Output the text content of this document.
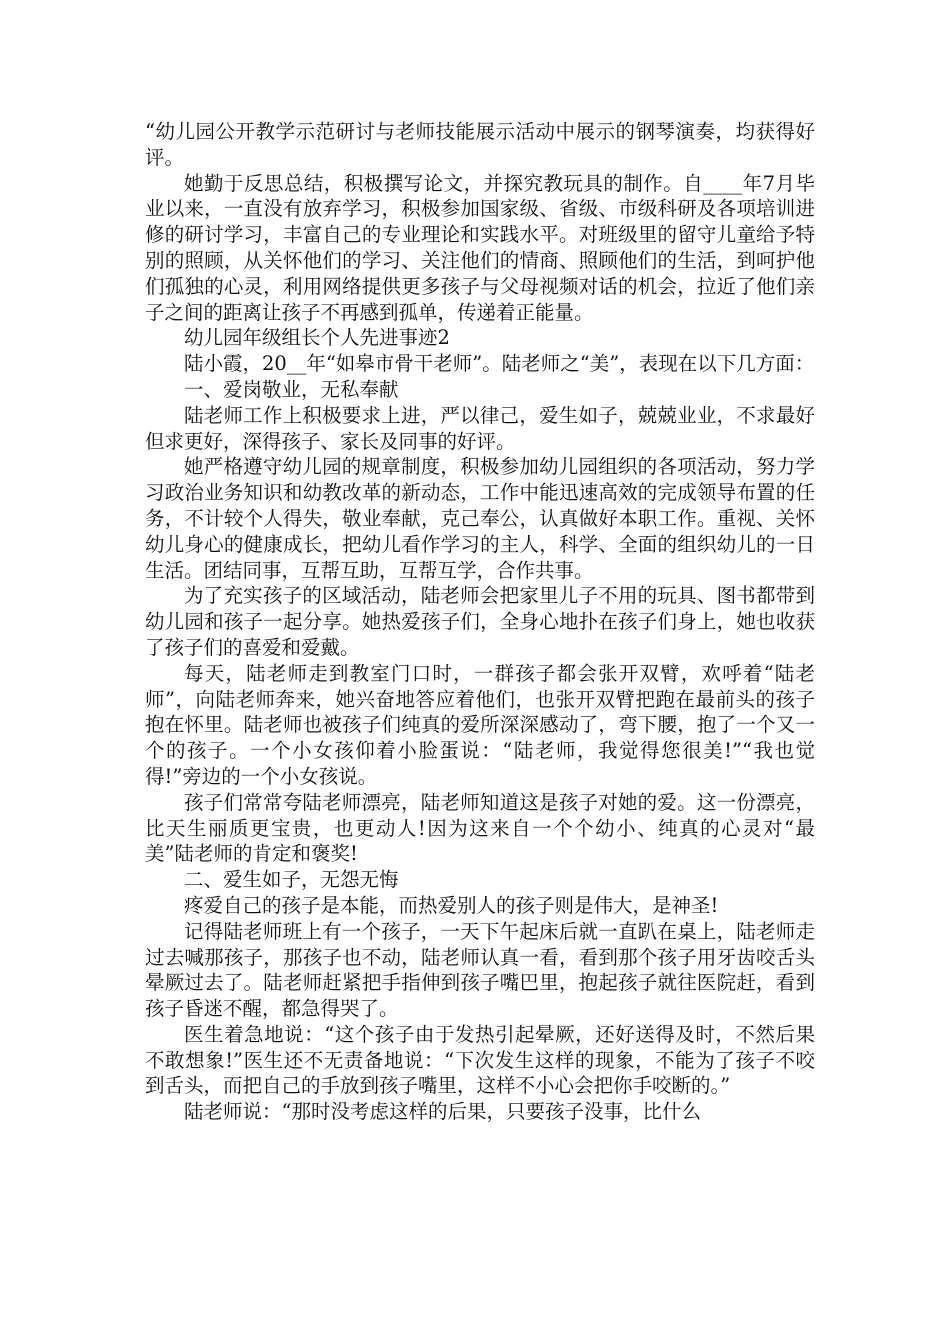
“幼儿园公开教学示范研讨与老师技能展示活动中展示的钢琴演奏，均获得好评。

她勤于反思总结，积极撰写论文，并探究教玩具的制作。自____年7月毕业以来，一直没有放弃学习，积极参加国家级、省级、市级科研及各项培训进修的研讨学习，丰富自己的专业理论和实践水平。对班级里的留守儿童给予特别的照顾，从关怀他们的学习、关注他们的情商、照顾他们的生活，到呵护他们孤独的心灵，利用网络提供更多孩子与父母视频对话的机会，拉近了他们亲子之间的距离让孩子不再感到孤单，传递着正能量。

幼儿园年级组长个人先进事迹2

陆小霞，20__年“如皋市骨干老师”。陆老师之“美”，表现在以下几方面：

一、爱岗敬业，无私奉献

陆老师工作上积极要求上进，严以律己，爱生如子，兢兢业业，不求最好但求更好，深得孩子、家长及同事的好评。

她严格遵守幼儿园的规章制度，积极参加幼儿园组织的各项活动，努力学习政治业务知识和幼教改革的新动态，工作中能迅速高效的完成领导布置的任务，不计较个人得失，敬业奉献，克己奉公，认真做好本职工作。重视、关怀幼儿身心的健康成长，把幼儿看作学习的主人，科学、全面的组织幼儿的一日生活。团结同事，互帮互助，互帮互学，合作共事。

为了充实孩子的区域活动，陆老师会把家里儿子不用的玩具、图书都带到幼儿园和孩子一起分享。她热爱孩子们，全身心地扑在孩子们身上，她也收获了孩子们的喜爱和爱戴。

每天，陆老师走到教室门口时，一群孩子都会张开双臂，欢呼着“陆老师”，向陆老师奔来，她兴奋地答应着他们，也张开双臂把跑在最前头的孩子抱在怀里。陆老师也被孩子们纯真的爱所深深感动了，弯下腰，抱了一个又一个的孩子。一个小女孩仰着小脸蛋说：“陆老师，我觉得您很美!”“我也觉得!”旁边的一个小女孩说。

孩子们常常夸陆老师漂亮，陆老师知道这是孩子对她的爱。这一份漂亮，比天生丽质更宝贵，也更动人!因为这来自一个个幼小、纯真的心灵对“最美”陆老师的肯定和褒奖!

二、爱生如子，无怨无悔

疼爱自己的孩子是本能，而热爱别人的孩子则是伟大，是神圣!

记得陆老师班上有一个孩子，一天下午起床后就一直趴在桌上，陆老师走过去喊那孩子，那孩子也不动，陆老师认真一看，看到那个孩子用牙齿咬舌头晕厥过去了。陆老师赶紧把手指伸到孩子嘴巴里，抱起孩子就往医院赶，看到孩子昏迷不醒，都急得哭了。

医生着急地说：“这个孩子由于发热引起晕厥，还好送得及时，不然后果不敢想象!”医生还不无责备地说：“下次发生这样的现象，不能为了孩子不咬到舌头，而把自己的手放到孩子嘴里，这样不小心会把你手咬断的。”

陆老师说：“那时没考虑这样的后果，只要孩子没事，比什么
